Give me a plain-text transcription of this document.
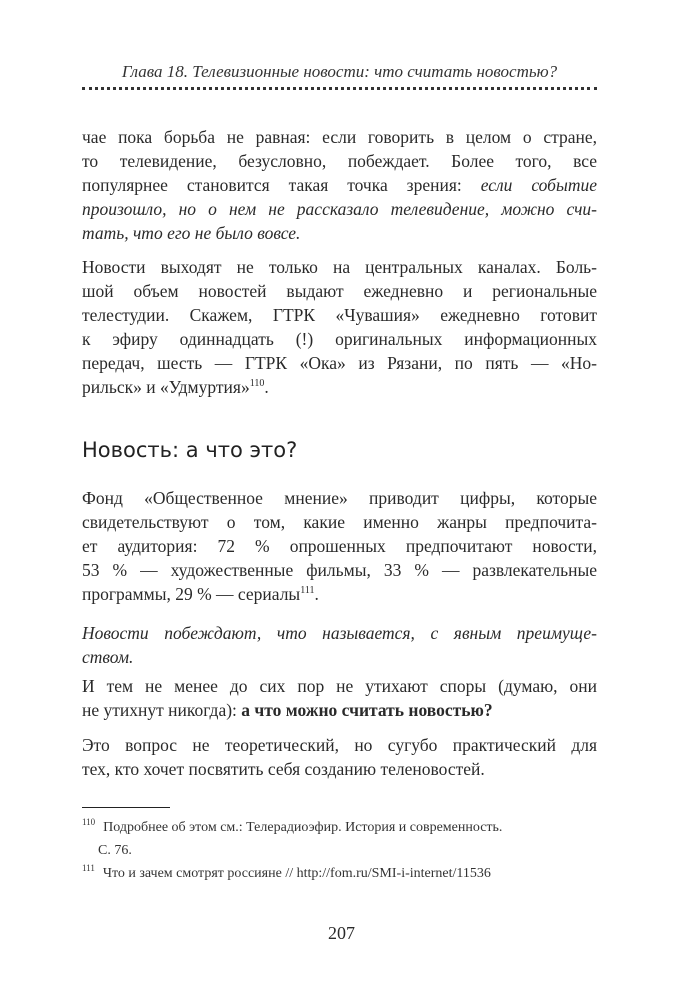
Глава 18. Телевизионные новости: что считать новостью?
чае пока борьба не равная: если говорить в целом о стране,
то телевидение, безусловно, побеждает. Более того, все
популярнее становится такая точка зрения: если событие
произошло, но о нем не рассказало телевидение, можно счи-
тать, что его не было вовсе.
Новости выходят не только на центральных каналах. Боль-
шой объем новостей выдают ежедневно и региональные
телестудии. Скажем, ГТРК «Чувашия» ежедневно готовит
к эфиру одиннадцать (!) оригинальных информационных
передач, шесть — ГТРК «Ока» из Рязани, по пять — «Но-
рильск» и «Удмуртия»$^{110}$.
Новость: а что это?
Фонд «Общественное мнение» приводит цифры, которые
свидетельствуют о том, какие именно жанры предпочита-
ет аудитория: 72 % опрошенных предпочитают новости,
53 % — художественные фильмы, 33 % — развлекательные
программы, 29 % — сериалы$^{111}$.
Новости побеждают, что называется, с явным преимуще-
ством.
И тем не менее до сих пор не утихают споры (думаю, они
не утихнут никогда): а что можно считать новостью?
Это вопрос не теоретический, но сугубо практический для
тех, кто хочет посвятить себя созданию теленовостей.
$^{110}$ Подробнее об этом см.: Телерадиоэфир. История и современность.
С. 76.
$^{111}$ Что и зачем смотрят россияне // http://fom.ru/SMI-i-internet/11536
207
